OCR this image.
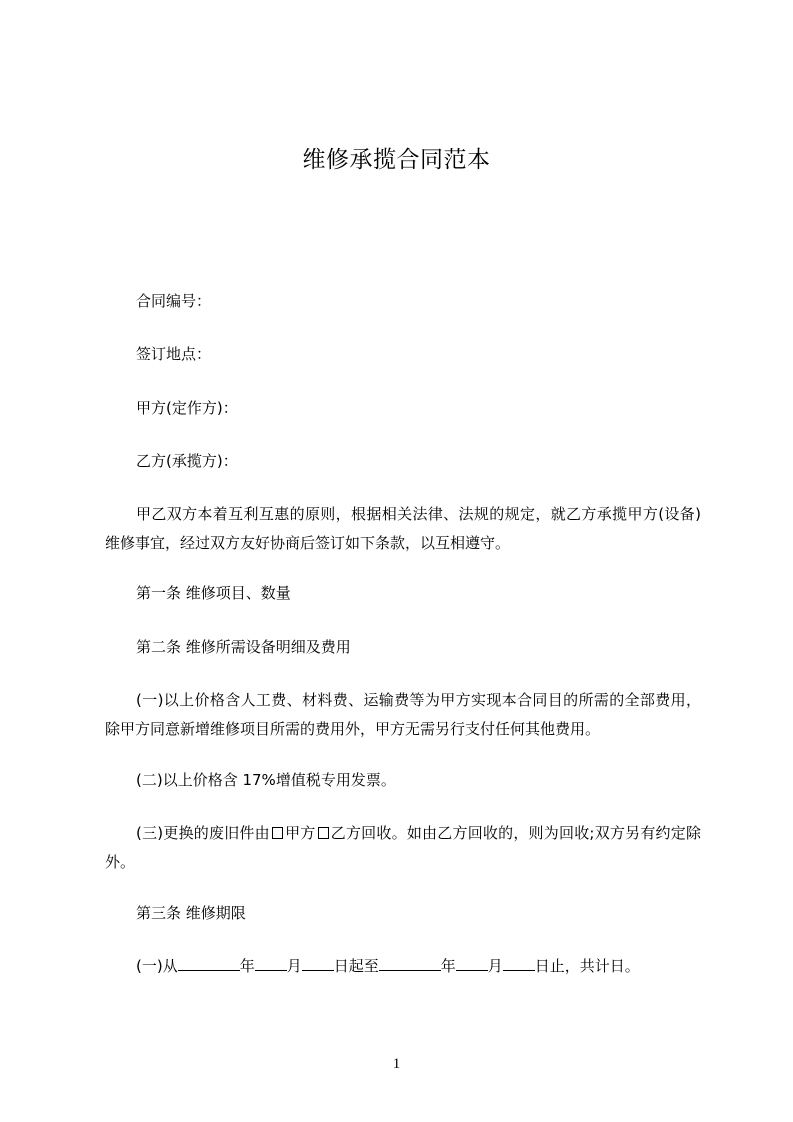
维修承揽合同范本

合同编号：

签订地点：

甲方(定作方)：

乙方(承揽方)：

甲乙双方本着互利互惠的原则，根据相关法律、法规的规定，就乙方承揽甲方(设备)维修事宜，经过双方友好协商后签订如下条款，以互相遵守。

第一条 维修项目、数量

第二条 维修所需设备明细及费用

(一)以上价格含人工费、材料费、运输费等为甲方实现本合同目的所需的全部费用，除甲方同意新增维修项目所需的费用外，甲方无需另行支付任何其他费用。

(二)以上价格含 17%增值税专用发票。

(三)更换的废旧件由 甲方 乙方回收。如由乙方回收的，则为回收;双方另有约定除外。

第三条 维修期限

(一)从	年 月 日起至	年 月 日止，共计日。

1
